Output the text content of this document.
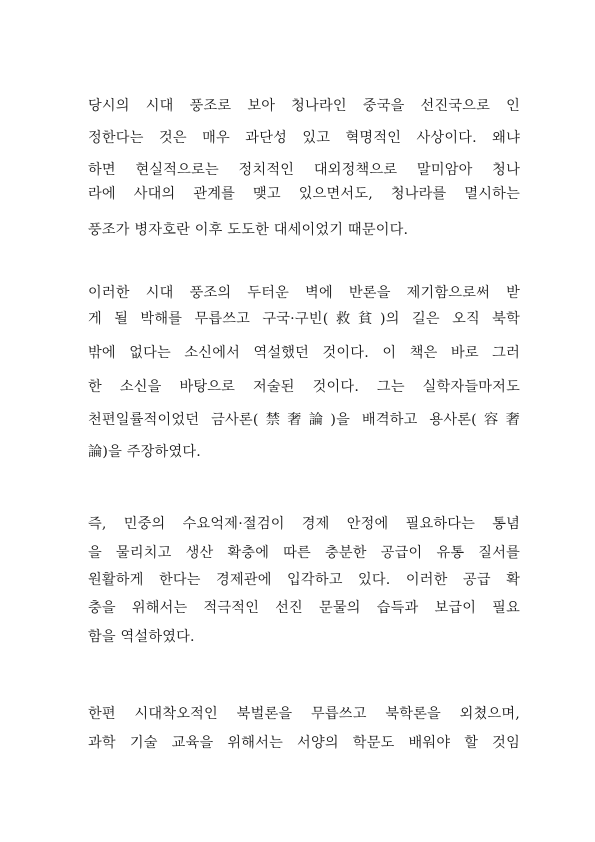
당시의 시대 풍조로 보아 청나라인 중국을 선진국으로 인
정한다는 것은 매우 과단성 있고 혁명적인 사상이다. 왜냐
하면 현실적으로는 정치적인 대외정책으로 말미암아 청나
라에 사대의 관계를 맺고 있으면서도, 청나라를 멸시하는
풍조가 병자호란 이후 도도한 대세이었기 때문이다.
이러한 시대 풍조의 두터운 벽에 반론을 제기함으로써 받
게 될 박해를 무릅쓰고 구국·구빈(救貧)의 길은 오직 북학
밖에 없다는 소신에서 역설했던 것이다. 이 책은 바로 그러
한 소신을 바탕으로 저술된 것이다. 그는 실학자들마저도
천편일률적이었던 금사론(禁奢論)을 배격하고 용사론(容奢
論)을 주장하였다.
즉, 민중의 수요억제·절검이 경제 안정에 필요하다는 통념
을 물리치고 생산 확충에 따른 충분한 공급이 유통 질서를
원활하게 한다는 경제관에 입각하고 있다. 이러한 공급 확
충을 위해서는 적극적인 선진 문물의 습득과 보급이 필요
함을 역설하였다.
한편 시대착오적인 북벌론을 무릅쓰고 북학론을 외쳤으며,
과학 기술 교육을 위해서는 서양의 학문도 배워야 할 것임
